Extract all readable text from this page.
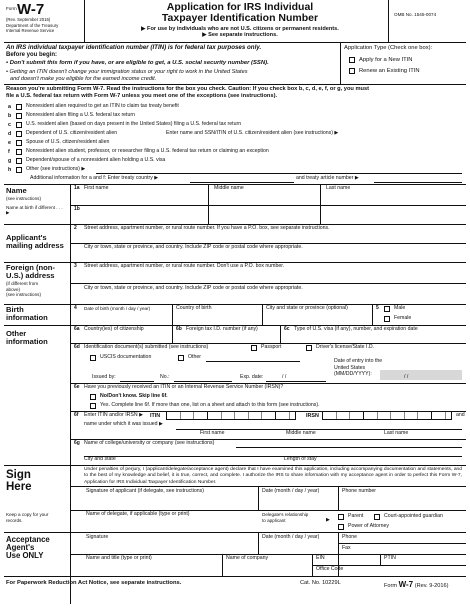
Form W-7
(Rev. September 2016)
Department of the Treasury
Internal Revenue Service
Application for IRS Individual
Taxpayer Identification Number
▶ For use by individuals who are not U.S. citizens or permanent residents.
▶ See separate instructions.
OMB No. 1545-0074
An IRS individual taxpayer identification number (ITIN) is for federal tax purposes only.
Before you begin:
• Don't submit this form if you have, or are eligible to get, a U.S. social security number (SSN).
• Getting an ITIN doesn't change your immigration status or your right to work in the United States
and doesn't make you eligible for the earned income credit.
Application Type (Check one box):
Apply for a New ITIN
Renew an Existing ITIN
Reason you're submitting Form W-7. Read the instructions for the box you check. Caution: If you check box b, c, d, e, f, or g, you must
file a U.S. federal tax return with Form W-7 unless you meet one of the exceptions (see instructions).
a	Nonresident alien required to get an ITIN to claim tax treaty benefit
b	Nonresident alien filing a U.S. federal tax return
c	U.S. resident alien (based on days present in the United States) filing a U.S. federal tax return
d	Dependent of U.S. citizen/resident alien	Enter name and SSN/ITIN of U.S. citizen/resident alien (see instructions) ▶
e	Spouse of U.S. citizen/resident alien
f	Nonresident alien student, professor, or researcher filing a U.S. federal tax return or claiming an exception
g	Dependent/spouse of a nonresident alien holding a U.S. visa
h	Other (see instructions) ▶
Additional information for a and f: Enter treaty country ▶	and treaty article number ▶
Name
(see instructions)
1a First name	Middle name	Last name
Name at birth if different . . . ▶
1b
Applicant's
mailing address
2 Street address, apartment number, or rural route number. If you have a P.O. box, see separate instructions.
City or town, state or province, and country. Include ZIP code or postal code where appropriate.
Foreign (non-
U.S.) address
(if different from
above)
(see instructions)
3 Street address, apartment number, or rural route number. Don't use a P.O. box number.
City or town, state or province, and country. Include ZIP code or postal code where appropriate.
Birth
information
4 Date of birth (month / day / year)	Country of birth	City and state or province (optional)	5	Male
Female
Other
information
6a Country(ies) of citizenship	6b Foreign tax I.D. number (if any)	6c Type of U.S. visa (if any), number, and expiration date
6d Identification document(s) submitted (see instructions)	Passport	Driver's license/State I.D.
USCIS documentation	Other
Date of entry into the
United States
(MM/DD/YYYY):
Issued by:	No.:	Exp. date:	/ /	/ /
6e Have you previously received an ITIN or an Internal Revenue Service Number (IRSN)?
No/Don't know. Skip line 6f.
Yes. Complete line 6f. If more than one, list on a sheet and attach to this form (see instructions).
6f Enter ITIN and/or IRSN ▶ ITIN	IRSN	and
name under which it was issued ▶
First name	Middle name	Last name
6g Name of college/university or company (see instructions)
City and state	Length of stay
Sign
Here
Under penalties of perjury, I (applicant/delegate/acceptance agent) declare that I have examined this application, including accompanying documentation and statements, and to the best of my knowledge and belief, it is true, correct, and complete. I authorize the IRS to share information with my acceptance agent in order to perfect this Form W-7, Application for IRS Individual Taxpayer Identification Number.
Signature of applicant (if delegate, see instructions)	Date (month / day / year)	Phone number
Keep a copy for your records.
Name of delegate, if applicable (type or print)	Delegate's relationship
to applicant	▶
Parent	Court-appointed guardian
Power of Attorney
Acceptance
Agent's
Use ONLY
Signature	Date (month / day / year)	Phone
Fax
Name and title (type or print)	Name of company	EIN	PTIN
Office Code
For Paperwork Reduction Act Notice, see separate instructions.	Cat. No. 10229L	Form W-7 (Rev. 9-2016)
